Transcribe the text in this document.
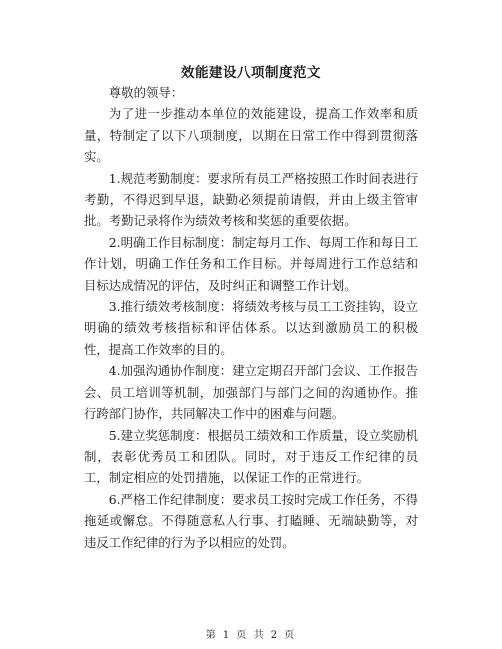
效能建设八项制度范文

尊敬的领导：

为了进一步推动本单位的效能建设，提高工作效率和质量，特制定了以下八项制度，以期在日常工作中得到贯彻落实。

1.规范考勤制度：要求所有员工严格按照工作时间表进行考勤，不得迟到早退，缺勤必须提前请假，并由上级主管审批。考勤记录将作为绩效考核和奖惩的重要依据。

2.明确工作目标制度：制定每月工作、每周工作和每日工作计划，明确工作任务和工作目标。并每周进行工作总结和目标达成情况的评估，及时纠正和调整工作计划。

3.推行绩效考核制度：将绩效考核与员工工资挂钩，设立明确的绩效考核指标和评估体系。以达到激励员工的积极性，提高工作效率的目的。

4.加强沟通协作制度：建立定期召开部门会议、工作报告会、员工培训等机制，加强部门与部门之间的沟通协作。推行跨部门协作，共同解决工作中的困难与问题。

5.建立奖惩制度：根据员工绩效和工作质量，设立奖励机制，表彰优秀员工和团队。同时，对于违反工作纪律的员工，制定相应的处罚措施，以保证工作的正常进行。

6.严格工作纪律制度：要求员工按时完成工作任务，不得拖延或懈怠。不得随意私人行事、打瞌睡、无端缺勤等，对违反工作纪律的行为予以相应的处罚。

第 1 页 共 2 页
